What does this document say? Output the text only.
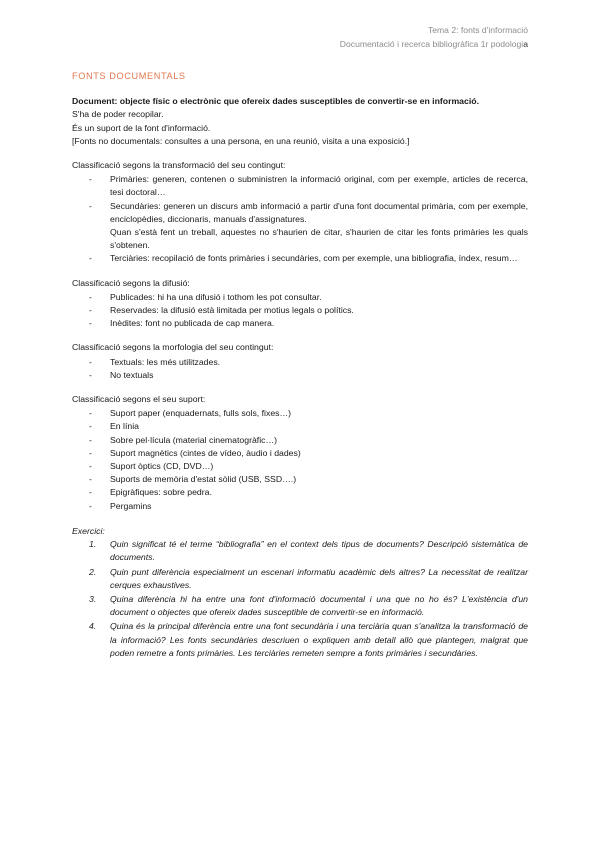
Tema 2: fonts d'informació
Documentació i recerca bibliogràfica 1r podologia
FONTS DOCUMENTALS

Document: objecte físic o electrònic que ofereix dades susceptibles de convertir-se en informació.

S'ha de poder recopilar.

És un suport de la font d'informació.

[Fonts no documentals: consultes a una persona, en una reunió, visita a una exposició.]

Classificació segons la transformació del seu contingut:

- Primàries: generen, contenen o subministren la informació original, com per exemple, articles de recerca, tesi doctoral…
- Secundàries: generen un discurs amb informació a partir d'una font documental primària, com per exemple, enciclopèdies, diccionaris, manuals d'assignatures.
Quan s'està fent un treball, aquestes no s'haurien de citar, s'haurien de citar les fonts primàries les quals s'obtenen.
- Terciàries: recopilació de fonts primàries i secundàries, com per exemple, una bibliografia, índex, resum…

Classificació segons la difusió:

- Publicades: hi ha una difusió i tothom les pot consultar.
- Reservades: la difusió està limitada per motius legals o polítics.
- Inèdites: font no publicada de cap manera.

Classificació segons la morfologia del seu contingut:

- Textuals: les més utilitzades.
- No textuals

Classificació segons el seu suport:

- Suport paper (enquadernats, fulls sols, fixes…)
- En línia
- Sobre pel·lícula (material cinematogràfic…)
- Suport magnètics (cintes de vídeo, àudio i dades)
- Suport òptics (CD, DVD…)
- Suports de memòria d'estat sòlid (USB, SSD….)
- Epigràfiques: sobre pedra.
- Pergamins

Exercici:

1. Quin significat té el terme “bibliografia” en el context dels tipus de documents? Descripció sistemàtica de documents.
2. Quin punt diferència especialment un escenari informatiu acadèmic dels altres? La necessitat de realitzar cerques exhaustives.
3. Quina diferència hi ha entre una font d'informació documental i una que no ho és? L'existència d'un document o objectes que ofereix dades susceptible de convertir-se en informació.
4. Quina és la principal diferència entre una font secundària i una terciària quan s'analitza la transformació de la informació? Les fonts secundàries descriuen o expliquen amb detall allò que plantegen, malgrat que poden remetre a fonts primàries. Les terciàries remeten sempre a fonts primàries i secundàries.
